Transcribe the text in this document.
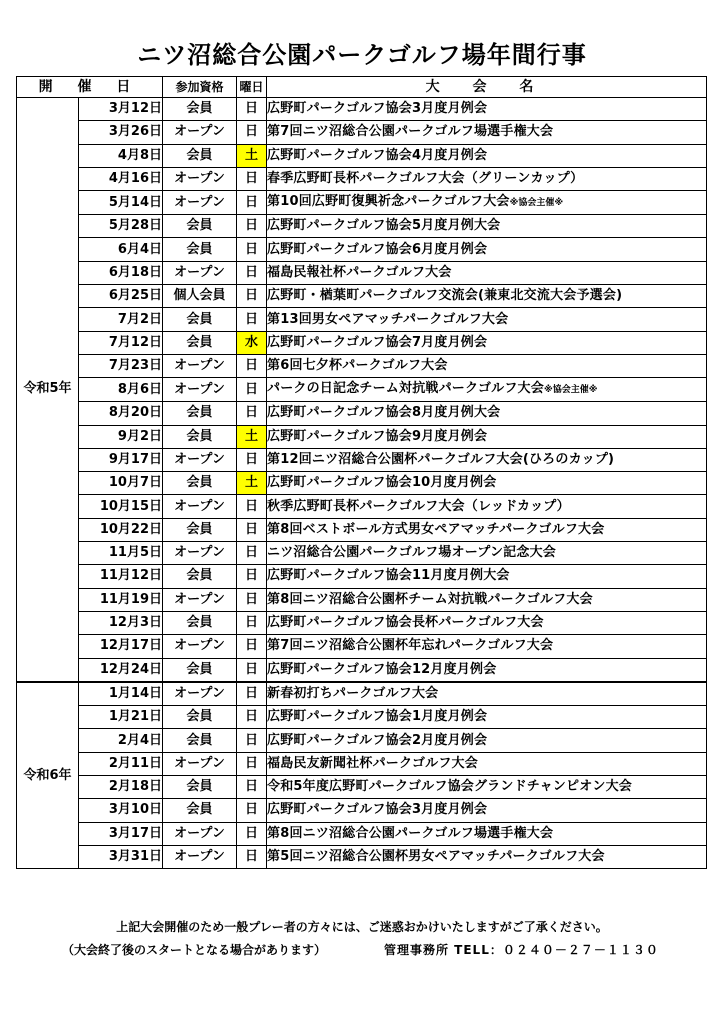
ニツ沼総合公園パークゴルフ場年間行事
開 催 日		参加資格	曜日	大 会 名
令和5年	3月12日	会員	日	広野町パークゴルフ協会3月度月例会
	3月26日	オープン	日	第7回ニツ沼総合公園パークゴルフ場選手権大会
	4月8日	会員	土	広野町パークゴルフ協会4月度月例会
	4月16日	オープン	日	春季広野町長杯パークゴルフ大会（グリーンカップ）
	5月14日	オープン	日	第10回広野町復興祈念パークゴルフ大会※協会主催※
	5月28日	会員	日	広野町パークゴルフ協会5月度月例大会
	6月4日	会員	日	広野町パークゴルフ協会6月度月例会
	6月18日	オープン	日	福島民報社杯パークゴルフ大会
	6月25日	個人会員	日	広野町・楢葉町パークゴルフ交流会(兼東北交流大会予選会)
	7月2日	会員	日	第13回男女ペアマッチパークゴルフ大会
	7月12日	会員	水	広野町パークゴルフ協会7月度月例会
	7月23日	オープン	日	第6回七夕杯パークゴルフ大会
	8月6日	オープン	日	パークの日記念チーム対抗戦パークゴルフ大会※協会主催※
	8月20日	会員	日	広野町パークゴルフ協会8月度月例大会
	9月2日	会員	土	広野町パークゴルフ協会9月度月例会
	9月17日	オープン	日	第12回ニツ沼総合公園杯パークゴルフ大会(ひろのカップ)
	10月7日	会員	土	広野町パークゴルフ協会10月度月例会
	10月15日	オープン	日	秋季広野町長杯パークゴルフ大会（レッドカップ）
	10月22日	会員	日	第8回ベストボール方式男女ペアマッチパークゴルフ大会
	11月5日	オープン	日	ニツ沼総合公園パークゴルフ場オープン記念大会
	11月12日	会員	日	広野町パークゴルフ協会11月度月例大会
	11月19日	オープン	日	第8回ニツ沼総合公園杯チーム対抗戦パークゴルフ大会
	12月3日	会員	日	広野町パークゴルフ協会長杯パークゴルフ大会
	12月17日	オープン	日	第7回ニツ沼総合公園杯年忘れパークゴルフ大会
	12月24日	会員	日	広野町パークゴルフ協会12月度月例会
令和6年	1月14日	オープン	日	新春初打ちパークゴルフ大会
	1月21日	会員	日	広野町パークゴルフ協会1月度月例会
	2月4日	会員	日	広野町パークゴルフ協会2月度月例会
	2月11日	オープン	日	福島民友新聞社杯パークゴルフ大会
	2月18日	会員	日	令和5年度広野町パークゴルフ協会グランドチャンピオン大会
	3月10日	会員	日	広野町パークゴルフ協会3月度月例会
	3月17日	オープン	日	第8回ニツ沼総合公園パークゴルフ場選手権大会
	3月31日	オープン	日	第5回ニツ沼総合公園杯男女ペアマッチパークゴルフ大会
上記大会開催のため一般プレー者の方々には、ご迷惑おかけいたしますがご了承ください。
（大会終了後のスタートとなる場合があります）	管理事務所 TELL：０２４０－２７－１１３０
